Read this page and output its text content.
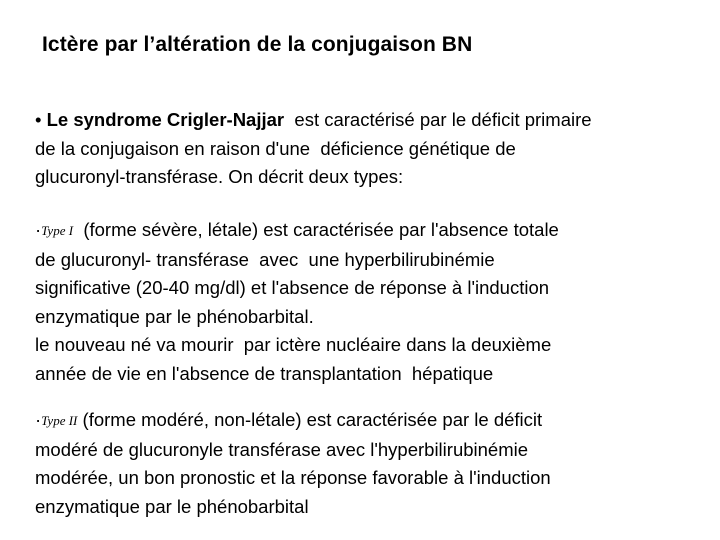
Ictère par l’altération de la conjugaison BN
• Le syndrome Crigler-Najjar  est caractérisé par le déficit primaire
de la conjugaison en raison d'une  déficience génétique de
glucuronyl-transférase. On décrit deux types:
·Type I  (forme sévère, létale) est caractérisée par l'absence totale
de glucuronyl- transférase  avec  une hyperbilirubinémie
significative (20-40 mg/dl) et l'absence de réponse à l'induction
enzymatique par le phénobarbital.
le nouveau né va mourir  par ictère nucléaire dans la deuxième
année de vie en l'absence de transplantation  hépatique
·Type II (forme modéré, non-létale) est caractérisée par le déficit
modéré de glucuronyle transférase avec l'hyperbilirubinémie
modérée, un bon pronostic et la réponse favorable à l'induction
enzymatique par le phénobarbital
